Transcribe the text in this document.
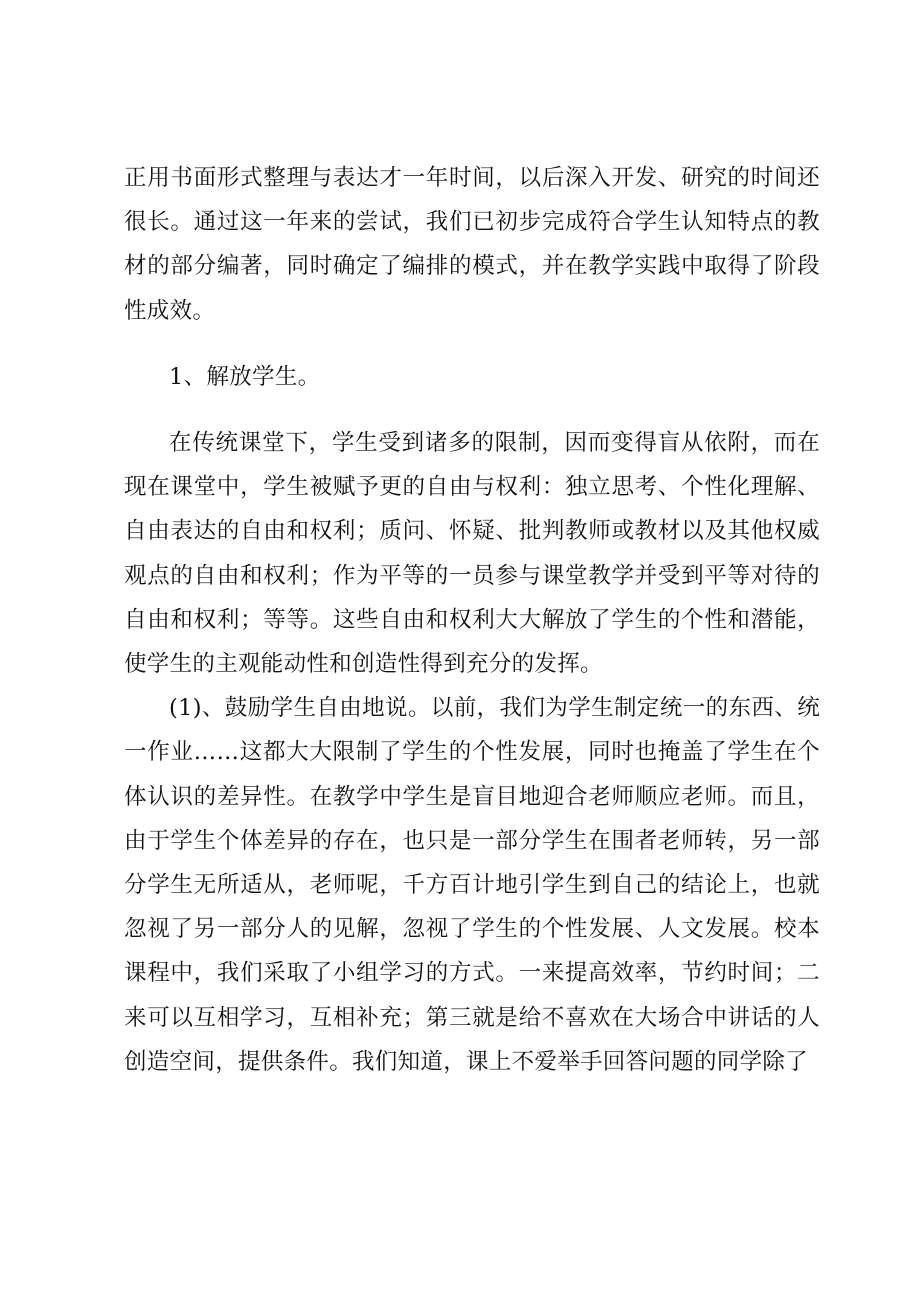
正用书面形式整理与表达才一年时间，以后深入开发、研究的时间还很长。通过这一年来的尝试，我们已初步完成符合学生认知特点的教材的部分编著，同时确定了编排的模式，并在教学实践中取得了阶段性成效。

1、解放学生。

在传统课堂下，学生受到诸多的限制，因而变得盲从依附，而在现在课堂中，学生被赋予更的自由与权利：独立思考、个性化理解、自由表达的自由和权利；质问、怀疑、批判教师或教材以及其他权威观点的自由和权利；作为平等的一员参与课堂教学并受到平等对待的自由和权利；等等。这些自由和权利大大解放了学生的个性和潜能，使学生的主观能动性和创造性得到充分的发挥。

(1)、鼓励学生自由地说。以前，我们为学生制定统一的东西、统一作业……这都大大限制了学生的个性发展，同时也掩盖了学生在个体认识的差异性。在教学中学生是盲目地迎合老师顺应老师。而且，由于学生个体差异的存在，也只是一部分学生在围者老师转，另一部分学生无所适从，老师呢，千方百计地引学生到自己的结论上，也就忽视了另一部分人的见解，忽视了学生的个性发展、人文发展。校本课程中，我们采取了小组学习的方式。一来提高效率，节约时间；二来可以互相学习，互相补充；第三就是给不喜欢在大场合中讲话的人创造空间，提供条件。我们知道，课上不爱举手回答问题的同学除了
